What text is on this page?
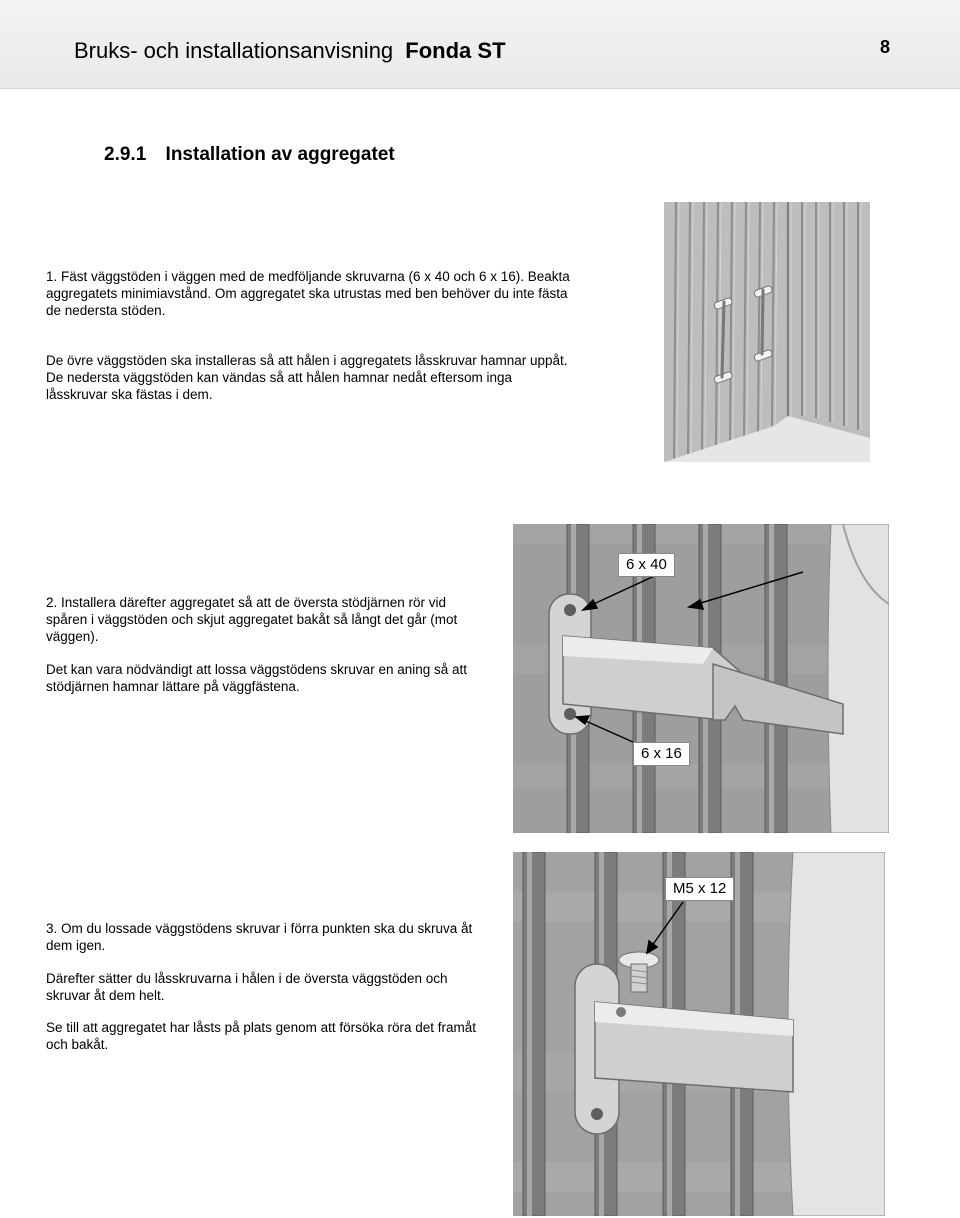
Bruks- och installationsanvisning Fonda ST	8
2.9.1 Installation av aggregatet

1. Fäst väggstöden i väggen med de medföljande skruvarna (6 x 40 och 6 x 16). Beakta aggregatets minimiavstånd. Om aggregatet ska utrustas med ben behöver du inte fästa de nedersta stöden.

De övre väggstöden ska installeras så att hålen i aggregatets låsskruvar hamnar uppåt. De nedersta väggstöden kan vändas så att hålen hamnar nedåt eftersom inga låsskruvar ska fästas i dem.

2. Installera därefter aggregatet så att de översta stödjärnen rör vid spåren i väggstöden och skjut aggregatet bakåt så långt det går (mot väggen).

Det kan vara nödvändigt att lossa väggstödens skruvar en aning så att stödjärnen hamnar lättare på väggfästena.

3. Om du lossade väggstödens skruvar i förra punkten ska du skruva åt dem igen.

Därefter sätter du låsskruvarna i hålen i de översta väggstöden och skruvar åt dem helt.

Se till att aggregatet har låsts på plats genom att försöka röra det framåt och bakåt.

6 x 40
6 x 16
M5 x 12
